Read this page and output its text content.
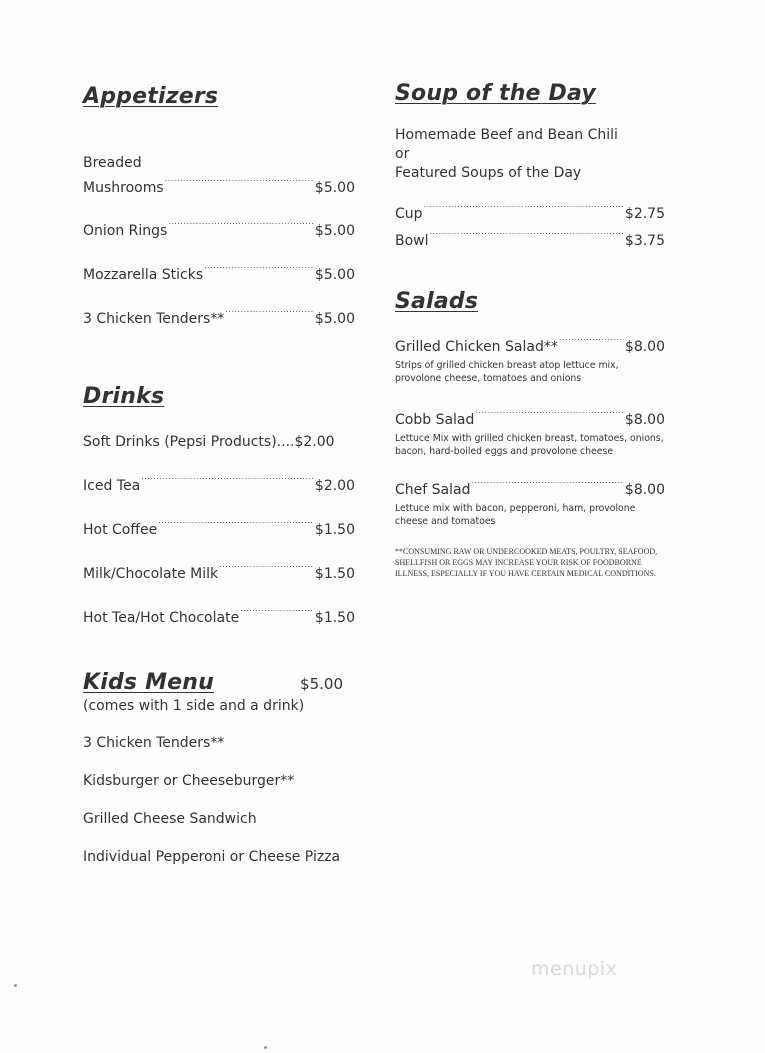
Appetizers
Breaded
Mushrooms .....	$5.00
Onion Rings .....	$5.00
Mozzarella Sticks .....	$5.00
3 Chicken Tenders** .....	$5.00
Drinks
Soft Drinks (Pepsi Products).... $2.00
Iced Tea .....	$2.00
Hot Coffee .....	$1.50
Milk/Chocolate Milk .....	$1.50
Hot Tea/Hot Chocolate .....	$1.50
Kids Menu	$5.00
(comes with 1 side and a drink)
3 Chicken Tenders**
Kidsburger or Cheeseburger**
Grilled Cheese Sandwich
Individual Pepperoni or Cheese Pizza
Soup of the Day
Homemade Beef and Bean Chili
or
Featured Soups of the Day
Cup .....	$2.75
Bowl .....	$3.75
Salads
Grilled Chicken Salad** .....	$8.00
Strips of grilled chicken breast atop lettuce mix, provolone cheese, tomatoes and onions
Cobb Salad .....	$8.00
Lettuce Mix with grilled chicken breast, tomatoes, onions, bacon, hard-boiled eggs and provolone cheese
Chef Salad .....	$8.00
Lettuce mix with bacon, pepperoni, ham, provolone cheese and tomatoes
**CONSUMING RAW OR UNDERCOOKED MEATS, POULTRY, SEAFOOD, SHELLFISH OR EGGS MAY INCREASE YOUR RISK OF FOODBORNE ILLNESS, ESPECIALLY IF YOU HAVE CERTAIN MEDICAL CONDITIONS.
menupix
